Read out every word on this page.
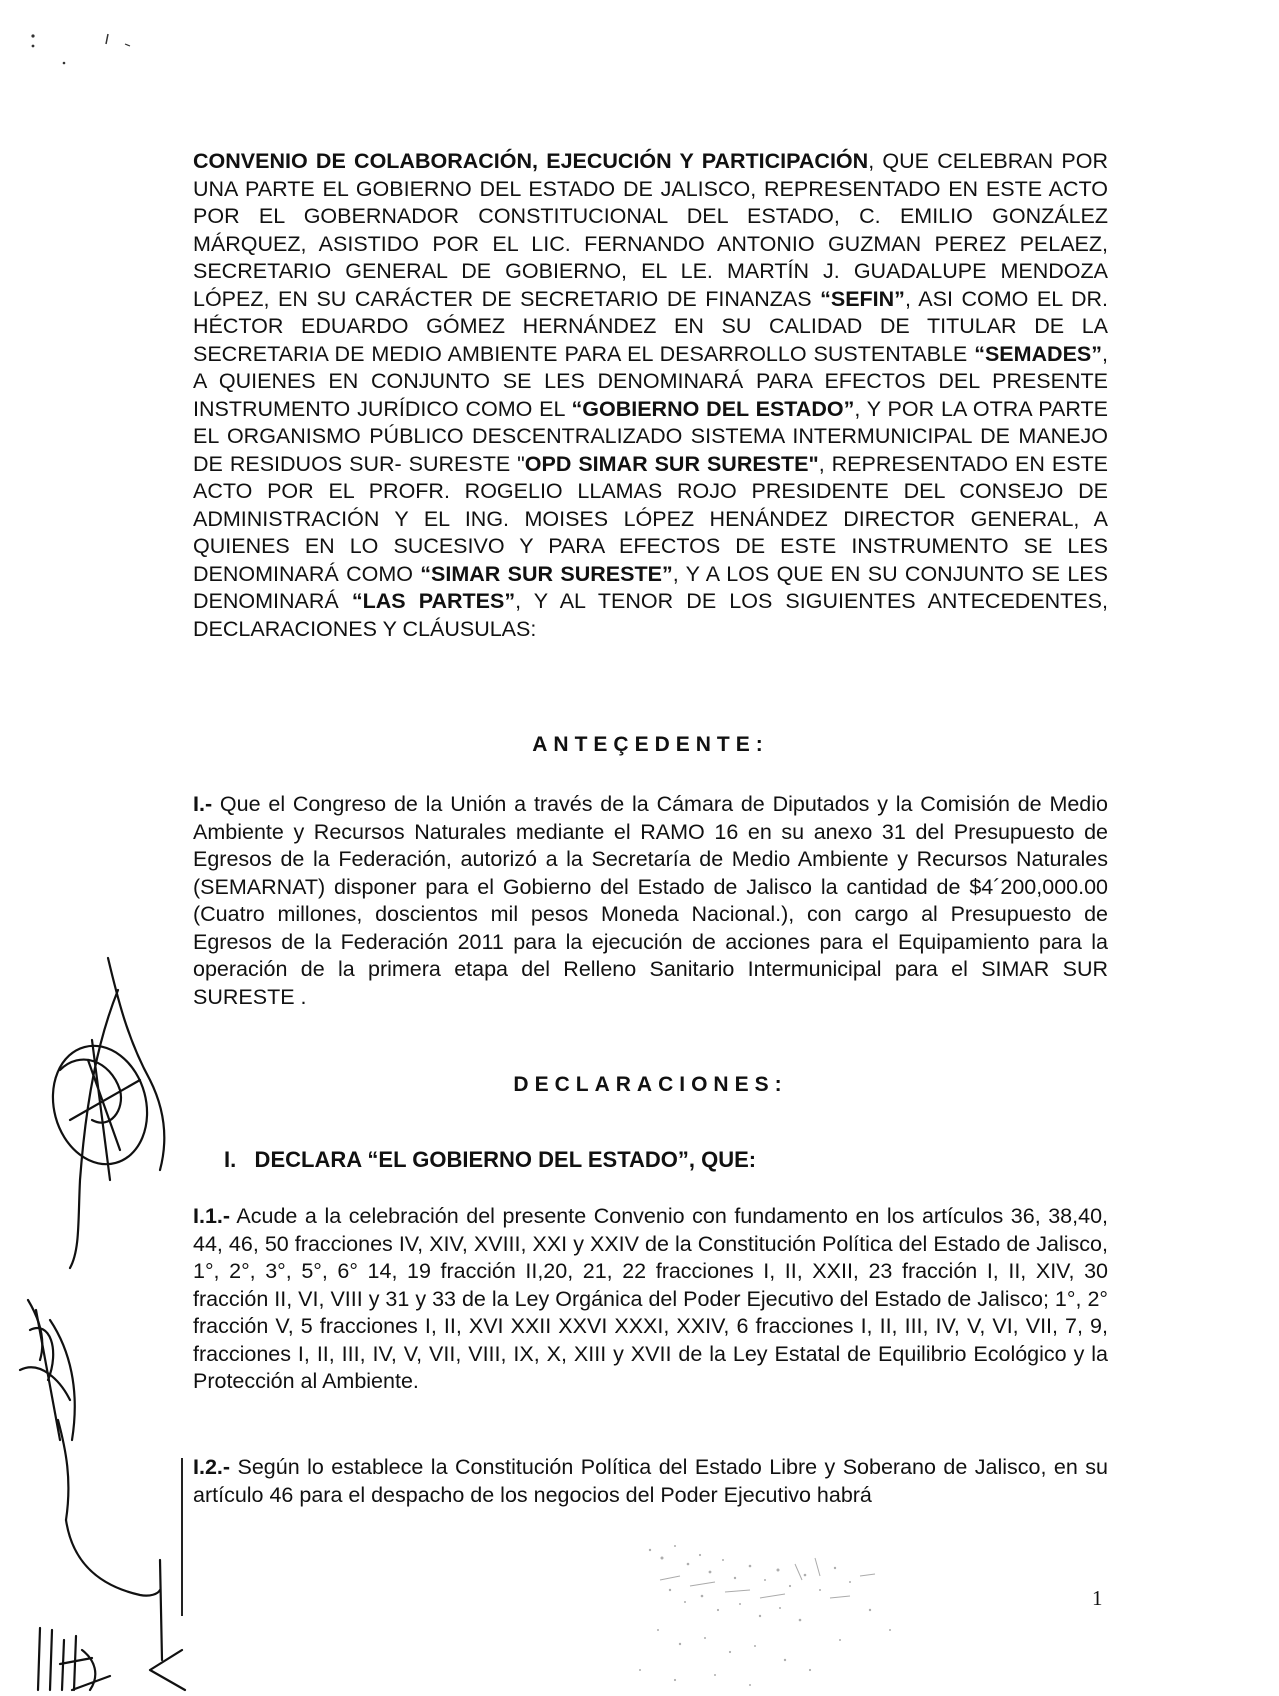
CONVENIO DE COLABORACIÓN, EJECUCIÓN Y PARTICIPACIÓN, QUE CELEBRAN POR UNA PARTE EL GOBIERNO DEL ESTADO DE JALISCO, REPRESENTADO EN ESTE ACTO POR EL GOBERNADOR CONSTITUCIONAL DEL ESTADO, C. EMILIO GONZÁLEZ MÁRQUEZ, ASISTIDO POR EL LIC. FERNANDO ANTONIO GUZMAN PEREZ PELAEZ, SECRETARIO GENERAL DE GOBIERNO, EL LE. MARTÍN J. GUADALUPE MENDOZA LÓPEZ, EN SU CARÁCTER DE SECRETARIO DE FINANZAS “SEFIN”, ASI COMO EL DR. HÉCTOR EDUARDO GÓMEZ HERNÁNDEZ EN SU CALIDAD DE TITULAR DE LA SECRETARIA DE MEDIO AMBIENTE PARA EL DESARROLLO SUSTENTABLE “SEMADES”, A QUIENES EN CONJUNTO SE LES DENOMINARÁ PARA EFECTOS DEL PRESENTE INSTRUMENTO JURÍDICO COMO EL “GOBIERNO DEL ESTADO”, Y POR LA OTRA PARTE EL ORGANISMO PÚBLICO DESCENTRALIZADO SISTEMA INTERMUNICIPAL DE MANEJO DE RESIDUOS SUR- SURESTE "OPD SIMAR SUR SURESTE", REPRESENTADO EN ESTE ACTO POR EL PROFR. ROGELIO LLAMAS ROJO PRESIDENTE DEL CONSEJO DE ADMINISTRACIÓN Y EL ING. MOISES LÓPEZ HENÁNDEZ DIRECTOR GENERAL, A QUIENES EN LO SUCESIVO Y PARA EFECTOS DE ESTE INSTRUMENTO SE LES DENOMINARÁ COMO “SIMAR SUR SURESTE”, Y A LOS QUE EN SU CONJUNTO SE LES DENOMINARÁ “LAS PARTES”, Y AL TENOR DE LOS SIGUIENTES ANTECEDENTES, DECLARACIONES Y CLÁUSULAS:

ANTEÇEDENTE:

I.- Que el Congreso de la Unión a través de la Cámara de Diputados y la Comisión de Medio Ambiente y Recursos Naturales mediante el RAMO 16 en su anexo 31 del Presupuesto de Egresos de la Federación, autorizó a la Secretaría de Medio Ambiente y Recursos Naturales (SEMARNAT) disponer para el Gobierno del Estado de Jalisco la cantidad de $4´200,000.00 (Cuatro millones, doscientos mil pesos Moneda Nacional.), con cargo al Presupuesto de Egresos de la Federación 2011 para la ejecución de acciones para el Equipamiento para la operación de la primera etapa del Relleno Sanitario Intermunicipal para el SIMAR SUR SURESTE .

DECLARACIONES:
I.   DECLARA “EL GOBIERNO DEL ESTADO”, QUE:

I.1.- Acude a la celebración del presente Convenio con fundamento en los artículos 36, 38,40, 44, 46, 50 fracciones IV, XIV, XVIII, XXI y XXIV de la Constitución Política del Estado de Jalisco, 1°, 2°, 3°, 5°, 6° 14, 19 fracción II,20, 21, 22 fracciones I, II, XXII, 23 fracción I, II, XIV, 30 fracción II, VI, VIII y 31 y 33 de la Ley Orgánica del Poder Ejecutivo del Estado de Jalisco; 1°, 2° fracción V, 5 fracciones I, II, XVI XXII XXVI XXXI, XXIV, 6 fracciones I, II, III, IV, V, VI, VII, 7, 9, fracciones I, II, III, IV, V, VII, VIII, IX, X, XIII y XVII de la Ley Estatal de Equilibrio Ecológico y la Protección al Ambiente.

I.2.- Según lo establece la Constitución Política del Estado Libre y Soberano de Jalisco, en su artículo 46 para el despacho de los negocios del Poder Ejecutivo habrá

1
